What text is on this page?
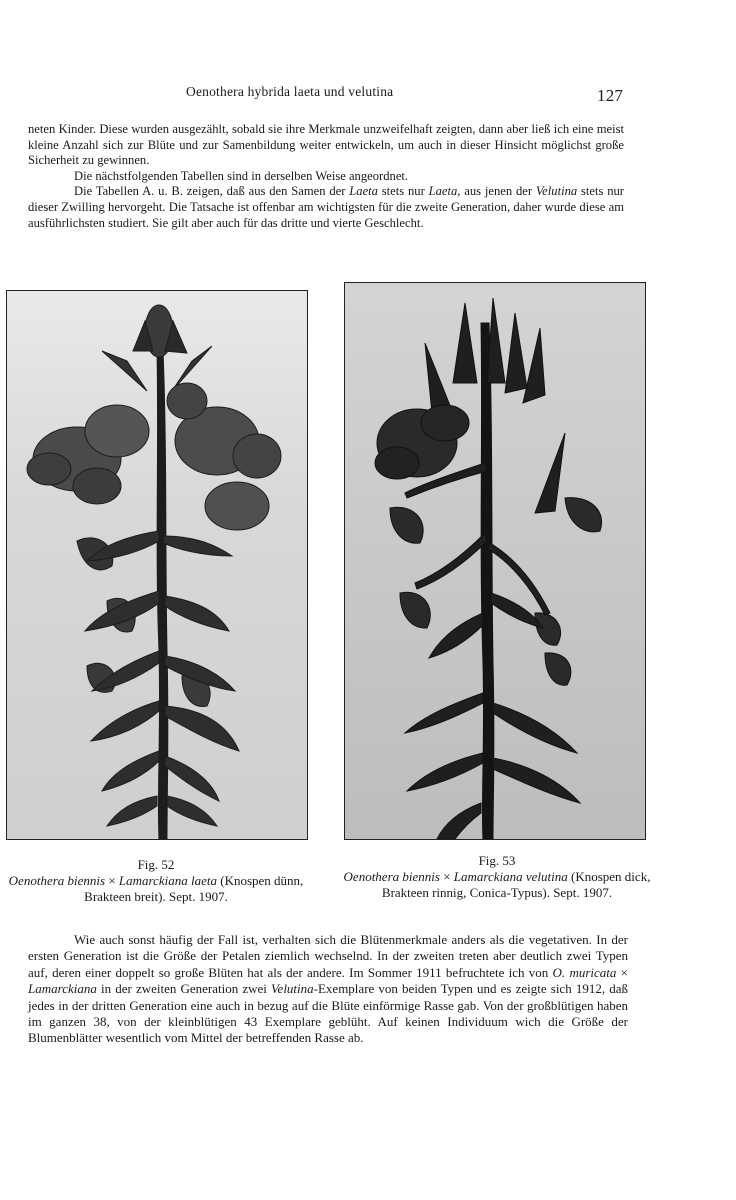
Oenothera hybrida laeta und velutina	127
neten Kinder. Diese wurden ausgezählt, sobald sie ihre Merkmale unzweifelhaft zeigten, dann aber ließ ich eine meist kleine Anzahl sich zur Blüte und zur Samenbildung weiter entwickeln, um auch in dieser Hinsicht möglichst große Sicherheit zu gewinnen.
Die nächstfolgenden Tabellen sind in derselben Weise angeordnet.
Die Tabellen A. u. B. zeigen, daß aus den Samen der Laeta stets nur Laeta, aus jenen der Velutina stets nur dieser Zwilling hervorgeht. Die Tatsache ist offenbar am wichtigsten für die zweite Generation, daher wurde diese am ausführlichsten studiert. Sie gilt aber auch für das dritte und vierte Geschlecht.
Fig. 52
Oenothera biennis × Lamarckiana laeta (Knospen dünn, Brakteen breit). Sept. 1907.
Fig. 53
Oenothera biennis × Lamarckiana velutina (Knospen dick, Brakteen rinnig, Conica-Typus). Sept. 1907.
Wie auch sonst häufig der Fall ist, verhalten sich die Blütenmerkmale anders als die vegetativen. In der ersten Generation ist die Größe der Petalen ziemlich wechselnd. In der zweiten treten aber deutlich zwei Typen auf, deren einer doppelt so große Blüten hat als der andere. Im Sommer 1911 befruchtete ich von O. muricata × Lamarckiana in der zweiten Generation zwei Velutina-Exemplare von beiden Typen und es zeigte sich 1912, daß jedes in der dritten Generation eine auch in bezug auf die Blüte einförmige Rasse gab. Von der großblütigen haben im ganzen 38, von der kleinblütigen 43 Exemplare geblüht. Auf keinen Individuum wich die Größe der Blumenblätter wesentlich vom Mittel der betreffenden Rasse ab.
